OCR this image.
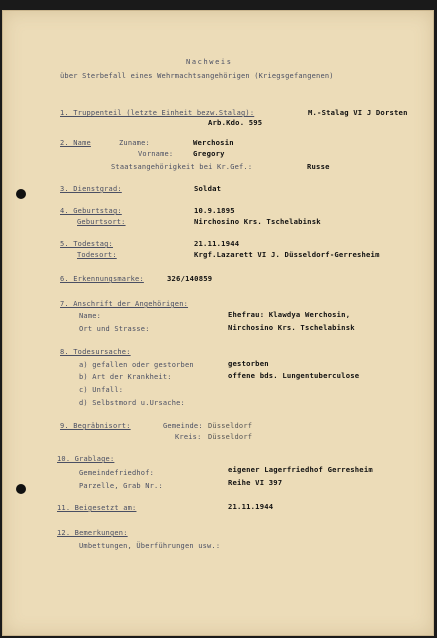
Nachweis
über Sterbefall eines Wehrmachtsangehörigen (Kriegsgefangenen)
1. Truppenteil (letzte Einheit bezw.Stalag):	M.-Stalag VI J Dorsten
Arb.Kdo. 595
2. Name	Zuname:	Werchosin
Vorname:	Gregory
Staatsangehörigkeit bei Kr.Gef.:	Russe
3. Dienstgrad:	Soldat
4. Geburtstag:	10.9.1895
Geburtsort:	Nirchosino Krs. Tschelabinsk
5. Todestag:	21.11.1944
Todesort:	Krgf.Lazarett VI J. Düsseldorf-Gerresheim
6. Erkennungsmarke:	326/140859
7. Anschrift der Angehörigen:
Name:	Ehefrau: Klawdya Werchosin,
Ort und Strasse:	Nirchosino Krs. Tschelabinsk
8. Todesursache:
a) gefallen oder gestorben	gestorben
b) Art der Krankheit:	offene bds. Lungentuberculose
c) Unfall:
d) Selbstmord u.Ursache:
9. Begräbnisort:	Gemeinde: Düsseldorf
Kreis: Düsseldorf
10. Grablage:
Gemeindefriedhof:	eigener Lagerfriedhof Gerresheim
Parzelle, Grab Nr.:	Reihe VI 397
11. Beigesetzt am:	21.11.1944
12. Bemerkungen:
Umbettungen, Überführungen usw.:
